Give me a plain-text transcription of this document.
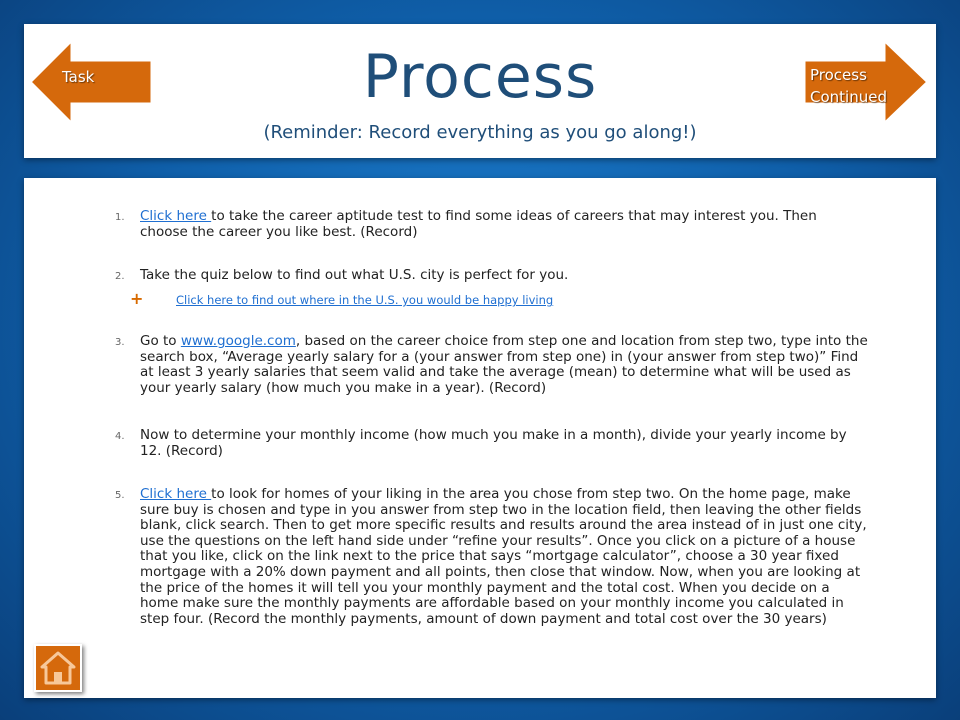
Process
(Reminder: Record everything as you go along!)
Task	Process
Continued
1. Click here to take the career aptitude test to find some ideas of careers that may interest you. Then choose the career you like best. (Record)
2. Take the quiz below to find out what U.S. city is perfect for you.
+	Click here to find out where in the U.S. you would be happy living
3. Go to www.google.com, based on the career choice from step one and location from step two, type into the search box, “Average yearly salary for a (your answer from step one) in (your answer from step two)” Find at least 3 yearly salaries that seem valid and take the average (mean) to determine what will be used as your yearly salary (how much you make in a year). (Record)
4. Now to determine your monthly income (how much you make in a month), divide your yearly income by 12. (Record)
5. Click here to look for homes of your liking in the area you chose from step two. On the home page, make sure buy is chosen and type in you answer from step two in the location field, then leaving the other fields blank, click search. Then to get more specific results and results around the area instead of in just one city, use the questions on the left hand side under “refine your results”. Once you click on a picture of a house that you like, click on the link next to the price that says “mortgage calculator”, choose a 30 year fixed mortgage with a 20% down payment and all points, then close that window. Now, when you are looking at the price of the homes it will tell you your monthly payment and the total cost. When you decide on a home make sure the monthly payments are affordable based on your monthly income you calculated in step four. (Record the monthly payments, amount of down payment and total cost over the 30 years)
